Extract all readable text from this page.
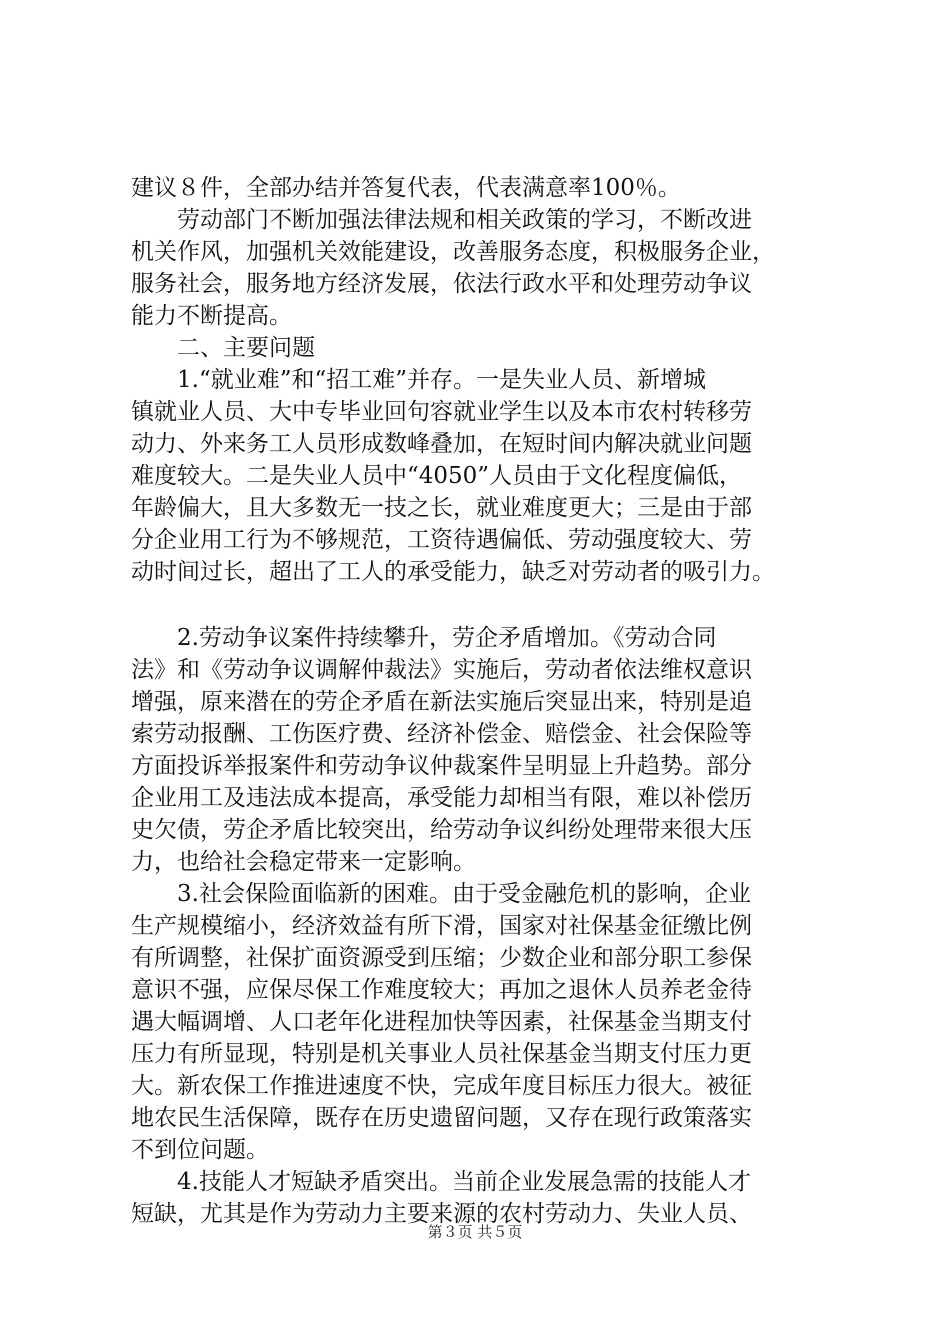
建议８件，全部办结并答复代表，代表满意率100％。
　　劳动部门不断加强法律法规和相关政策的学习，不断改进
机关作风，加强机关效能建设，改善服务态度，积极服务企业，
服务社会，服务地方经济发展，依法行政水平和处理劳动争议
能力不断提高。
　　二、主要问题
　　1.“就业难”和“招工难”并存。一是失业人员、新增城
镇就业人员、大中专毕业回句容就业学生以及本市农村转移劳
动力、外来务工人员形成数峰叠加，在短时间内解决就业问题
难度较大。二是失业人员中“4050”人员由于文化程度偏低，
年龄偏大，且大多数无一技之长，就业难度更大；三是由于部
分企业用工行为不够规范，工资待遇偏低、劳动强度较大、劳
动时间过长，超出了工人的承受能力，缺乏对劳动者的吸引力。
　　2.劳动争议案件持续攀升，劳企矛盾增加。《劳动合同
法》和《劳动争议调解仲裁法》实施后，劳动者依法维权意识
增强，原来潜在的劳企矛盾在新法实施后突显出来，特别是追
索劳动报酬、工伤医疗费、经济补偿金、赔偿金、社会保险等
方面投诉举报案件和劳动争议仲裁案件呈明显上升趋势。部分
企业用工及违法成本提高，承受能力却相当有限，难以补偿历
史欠债，劳企矛盾比较突出，给劳动争议纠纷处理带来很大压
力，也给社会稳定带来一定影响。
　　3.社会保险面临新的困难。由于受金融危机的影响，企业
生产规模缩小，经济效益有所下滑，国家对社保基金征缴比例
有所调整，社保扩面资源受到压缩；少数企业和部分职工参保
意识不强，应保尽保工作难度较大；再加之退休人员养老金待
遇大幅调增、人口老年化进程加快等因素，社保基金当期支付
压力有所显现，特别是机关事业人员社保基金当期支付压力更
大。新农保工作推进速度不快，完成年度目标压力很大。被征
地农民生活保障，既存在历史遗留问题，又存在现行政策落实
不到位问题。
　　4.技能人才短缺矛盾突出。当前企业发展急需的技能人才
短缺，尤其是作为劳动力主要来源的农村劳动力、失业人员、
第３页 共５页
